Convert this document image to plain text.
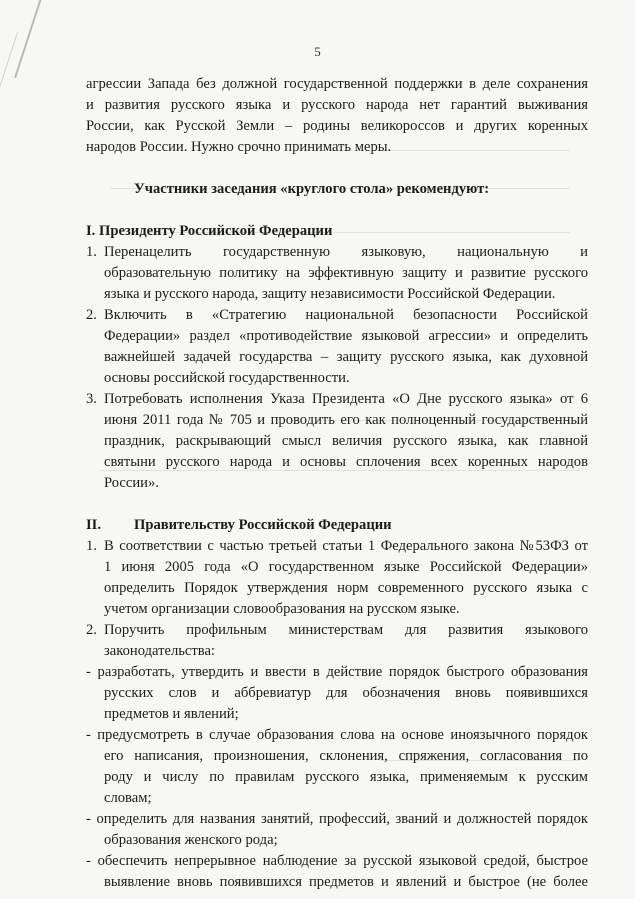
5
агрессии Запада без должной государственной поддержки в деле сохранения
и развития русского языка и русского народа нет гарантий выживания
России, как Русской Земли – родины великороссов и других коренных
народов России. Нужно срочно принимать меры.
Участники заседания «круглого стола» рекомендуют:
I. Президенту Российской Федерации
1. Перенацелить государственную языковую, национальную и
образовательную политику на эффективную защиту и развитие русского
языка и русского народа, защиту независимости Российской Федерации.
2. Включить в «Стратегию национальной безопасности Российской
Федерации» раздел «противодействие языковой агрессии» и определить
важнейшей задачей государства – защиту русского языка, как духовной
основы российской государственности.
3. Потребовать исполнения Указа Президента «О Дне русского языка» от 6
июня 2011 года № 705 и проводить его как полноценный государственный
праздник, раскрывающий смысл величия русского языка, как главной
святыни русского народа и основы сплочения всех коренных народов
России».
II. Правительству Российской Федерации
1. В соответствии с частью третьей статьи 1 Федерального закона №53ФЗ от
1 июня 2005 года «О государственном языке Российской Федерации»
определить Порядок утверждения норм современного русского языка с
учетом организации словообразования на русском языке.
2. Поручить профильным министерствам для развития языкового
законодательства:
- разработать, утвердить и ввести в действие порядок быстрого образования
русских слов и аббревиатур для обозначения вновь появившихся
предметов и явлений;
- предусмотреть в случае образования слова на основе иноязычного порядок
его написания, произношения, склонения, спряжения, согласования по
роду и числу по правилам русского языка, применяемым к русским
словам;
- определить для названия занятий, профессий, званий и должностей порядок
образования женского рода;
- обеспечить непрерывное наблюдение за русской языковой средой, быстрое
выявление вновь появившихся предметов и явлений и быстрое (не более
